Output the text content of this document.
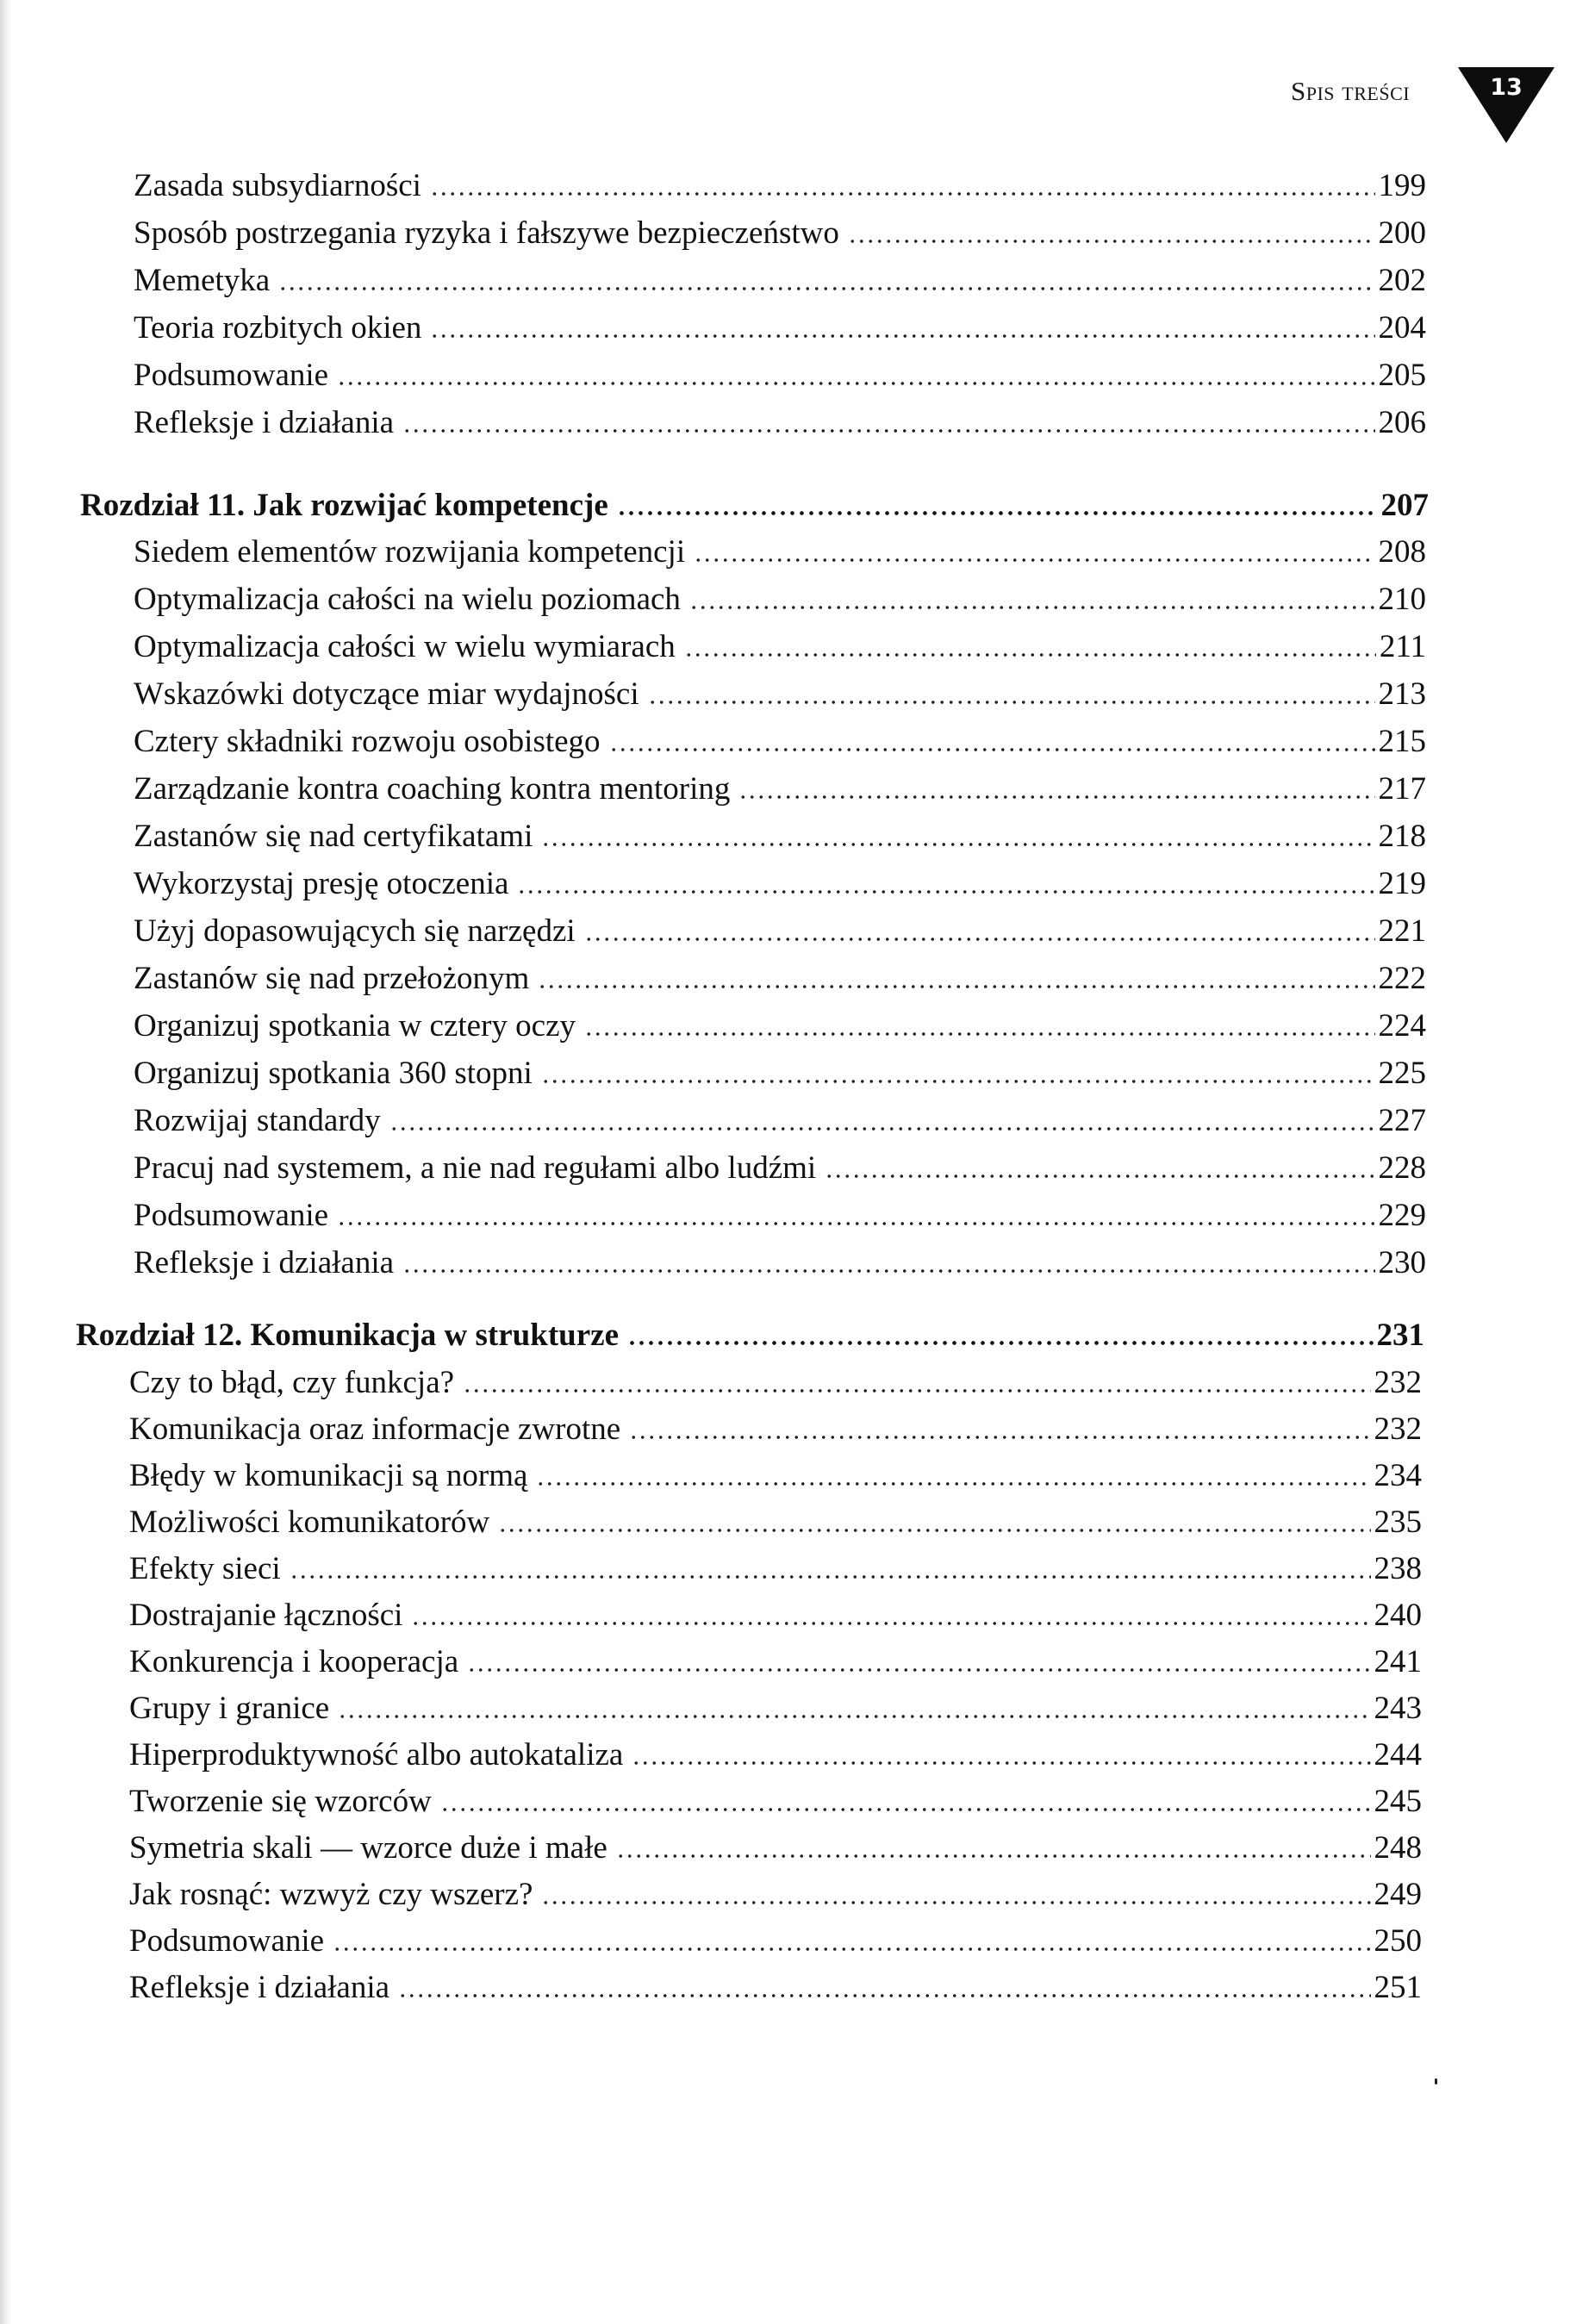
Spis treści	13
Zasada subsydiarności	199
Sposób postrzegania ryzyka i fałszywe bezpieczeństwo	200
Memetyka	202
Teoria rozbitych okien	204
Podsumowanie	205
Refleksje i działania	206
Rozdział 11. Jak rozwijać kompetencje	207
Siedem elementów rozwijania kompetencji	208
Optymalizacja całości na wielu poziomach	210
Optymalizacja całości w wielu wymiarach	211
Wskazówki dotyczące miar wydajności	213
Cztery składniki rozwoju osobistego	215
Zarządzanie kontra coaching kontra mentoring	217
Zastanów się nad certyfikatami	218
Wykorzystaj presję otoczenia	219
Użyj dopasowujących się narzędzi	221
Zastanów się nad przełożonym	222
Organizuj spotkania w cztery oczy	224
Organizuj spotkania 360 stopni	225
Rozwijaj standardy	227
Pracuj nad systemem, a nie nad regułami albo ludźmi	228
Podsumowanie	229
Refleksje i działania	230
Rozdział 12. Komunikacja w strukturze	231
Czy to błąd, czy funkcja?	232
Komunikacja oraz informacje zwrotne	232
Błędy w komunikacji są normą	234
Możliwości komunikatorów	235
Efekty sieci	238
Dostrajanie łączności	240
Konkurencja i kooperacja	241
Grupy i granice	243
Hiperproduktywność albo autokataliza	244
Tworzenie się wzorców	245
Symetria skali — wzorce duże i małe	248
Jak rosnąć: wzwyż czy wszerz?	249
Podsumowanie	250
Refleksje i działania	251
